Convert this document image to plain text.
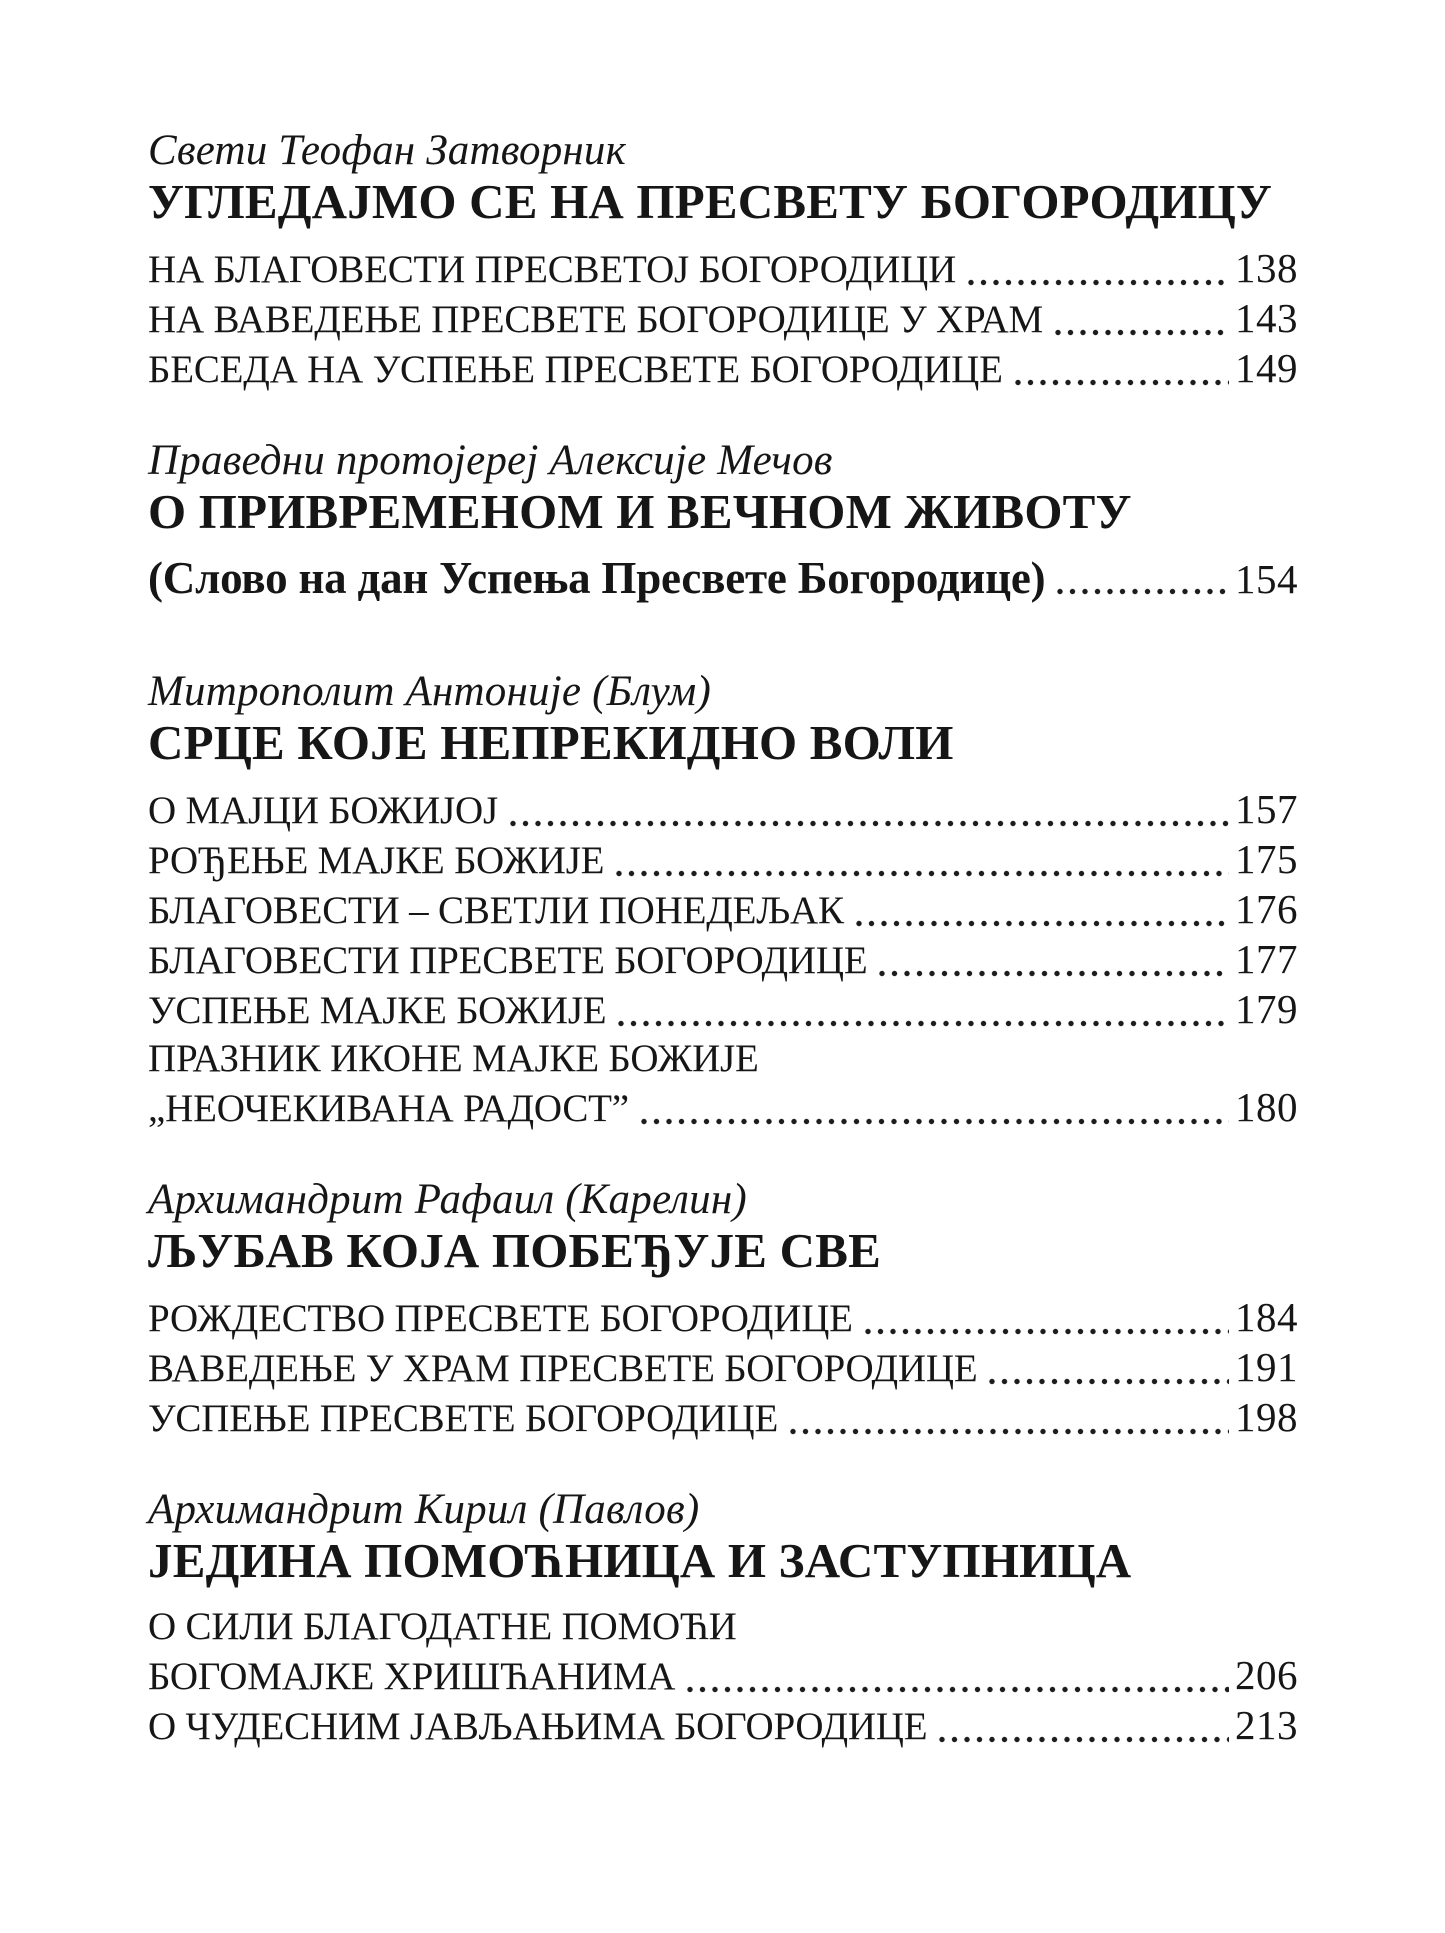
Свети Теофан Затворник

УГЛЕДАЈМО СЕ НА ПРЕСВЕТУ БОГОРОДИЦУ
НА БЛАГОВЕСТИ ПРЕСВЕТОЈ БОГОРОДИЦИ	138
НА ВАВЕДЕЊЕ ПРЕСВЕТЕ БОГОРОДИЦЕ У ХРАМ	143
БЕСЕДА НА УСПЕЊЕ ПРЕСВЕТЕ БОГОРОДИЦЕ	149

Праведни протојереј Алексије Мечов

О ПРИВРЕМЕНОМ И ВЕЧНОМ ЖИВОТУ
(Слово на дан Успења Пресвете Богородице)	154

Митрополит Антоније (Блум)

СРЦЕ КОЈЕ НЕПРЕКИДНО ВОЛИ
О МАЈЦИ БОЖИЈОЈ	157
РОЂЕЊЕ МАЈКЕ БОЖИЈЕ	175
БЛАГОВЕСТИ – СВЕТЛИ ПОНЕДЕЉАК	176
БЛАГОВЕСТИ ПРЕСВЕТЕ БОГОРОДИЦЕ	177
УСПЕЊЕ МАЈКЕ БОЖИЈЕ	179
ПРАЗНИК ИКОНЕ МАЈКЕ БОЖИЈЕ
„НЕОЧЕКИВАНА РАДОСТ”	180

Архимандрит Рафаил (Карелин)

ЉУБАВ КОЈА ПОБЕЂУЈЕ СВЕ
РОЖДЕСТВО ПРЕСВЕТЕ БОГОРОДИЦЕ	184
ВАВЕДЕЊЕ У ХРАМ ПРЕСВЕТЕ БОГОРОДИЦЕ	191
УСПЕЊЕ ПРЕСВЕТЕ БОГОРОДИЦЕ	198

Архимандрит Кирил (Павлов)

ЈЕДИНА ПОМОЋНИЦА И ЗАСТУПНИЦА
О СИЛИ БЛАГОДАТНЕ ПОМОЋИ
БОГОМАЈКЕ ХРИШЋАНИМА	206
О ЧУДЕСНИМ ЈАВЉАЊИМА БОГОРОДИЦЕ	213
